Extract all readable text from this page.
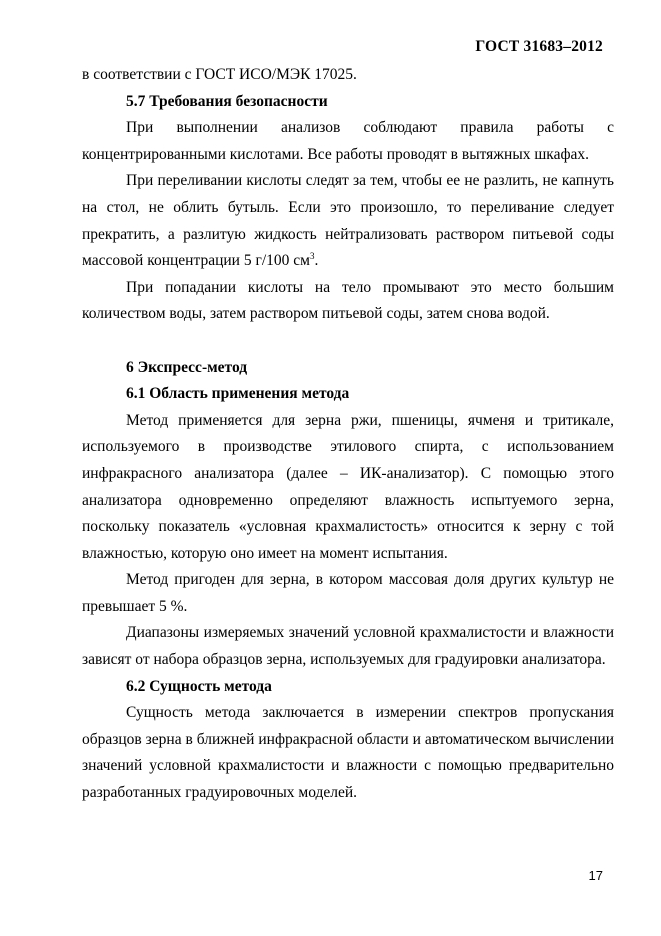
ГОСТ 31683–2012

в соответствии с ГОСТ ИСО/МЭК 17025.

5.7 Требования безопасности

При выполнении анализов соблюдают правила работы с концентрированными кислотами. Все работы проводят в вытяжных шкафах.

При переливании кислоты следят за тем, чтобы ее не разлить, не капнуть на стол, не облить бутыль. Если это произошло, то переливание следует прекратить, а разлитую жидкость нейтрализовать раствором питьевой соды массовой концентрации 5 г/100 $см^3$.

При попадании кислоты на тело промывают это место большим количеством воды, затем раствором питьевой соды, затем снова водой.

6 Экспресс-метод

6.1 Область применения метода

Метод применяется для зерна ржи, пшеницы, ячменя и тритикале, используемого в производстве этилового спирта, с использованием инфракрасного анализатора (далее – ИК-анализатор). С помощью этого анализатора одновременно определяют влажность испытуемого зерна, поскольку показатель «условная крахмалистость» относится к зерну с той влажностью, которую оно имеет на момент испытания.

Метод пригоден для зерна, в котором массовая доля других культур не превышает 5 %.

Диапазоны измеряемых значений условной крахмалистости и влажности зависят от набора образцов зерна, используемых для градуировки анализатора.

6.2 Сущность метода

Сущность метода заключается в измерении спектров пропускания образцов зерна в ближней инфракрасной области и автоматическом вычислении значений условной крахмалистости и влажности с помощью предварительно разработанных градуировочных моделей.

17
